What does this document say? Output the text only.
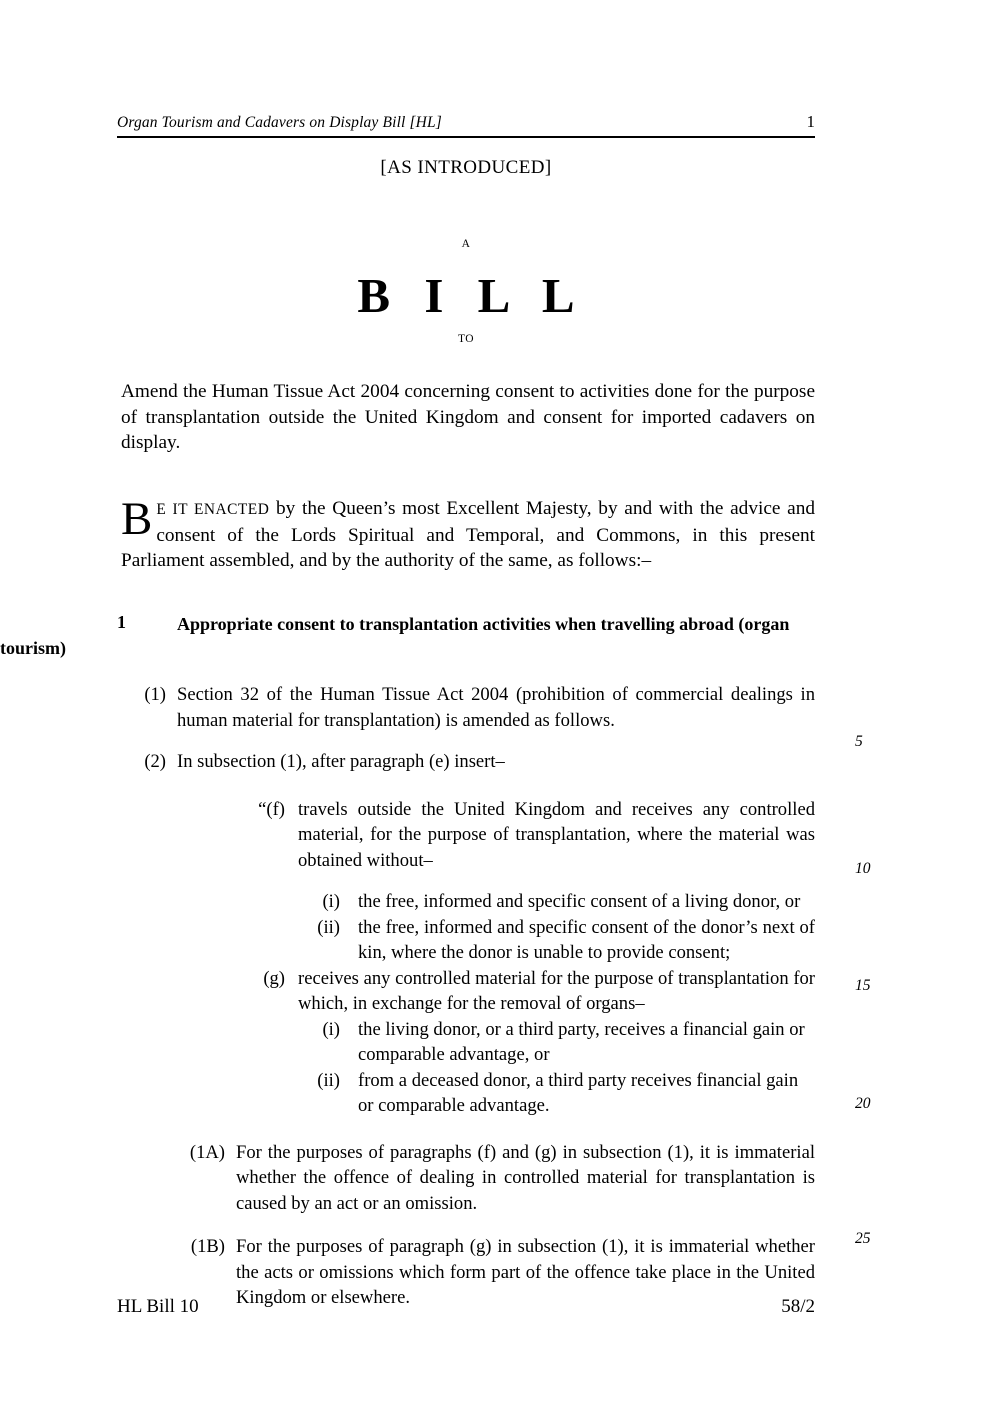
Organ Tourism and Cadavers on Display Bill [HL]	1
[AS INTRODUCED]
A
B I L L
TO
Amend the Human Tissue Act 2004 concerning consent to activities done for the purpose of transplantation outside the United Kingdom and consent for imported cadavers on display.
B E IT ENACTED by the Queen’s most Excellent Majesty, by and with the advice and consent of the Lords Spiritual and Temporal, and Commons, in this present Parliament assembled, and by the authority of the same, as follows:–
1	Appropriate consent to transplantation activities when travelling abroad (organ tourism)
(1) Section 32 of the Human Tissue Act 2004 (prohibition of commercial dealings in human material for transplantation) is amended as follows.
(2) In subsection (1), after paragraph (e) insert–
“(f) travels outside the United Kingdom and receives any controlled material, for the purpose of transplantation, where the material was obtained without–
(i) the free, informed and specific consent of a living donor, or
(ii) the free, informed and specific consent of the donor’s next of kin, where the donor is unable to provide consent;
(g) receives any controlled material for the purpose of transplantation for which, in exchange for the removal of organs–
(i) the living donor, or a third party, receives a financial gain or comparable advantage, or
(ii) from a deceased donor, a third party receives financial gain or comparable advantage.
(1A) For the purposes of paragraphs (f) and (g) in subsection (1), it is immaterial whether the offence of dealing in controlled material for transplantation is caused by an act or an omission.
(1B) For the purposes of paragraph (g) in subsection (1), it is immaterial whether the acts or omissions which form part of the offence take place in the United Kingdom or elsewhere.
5
10
15
20
25
HL Bill 10	58/2
